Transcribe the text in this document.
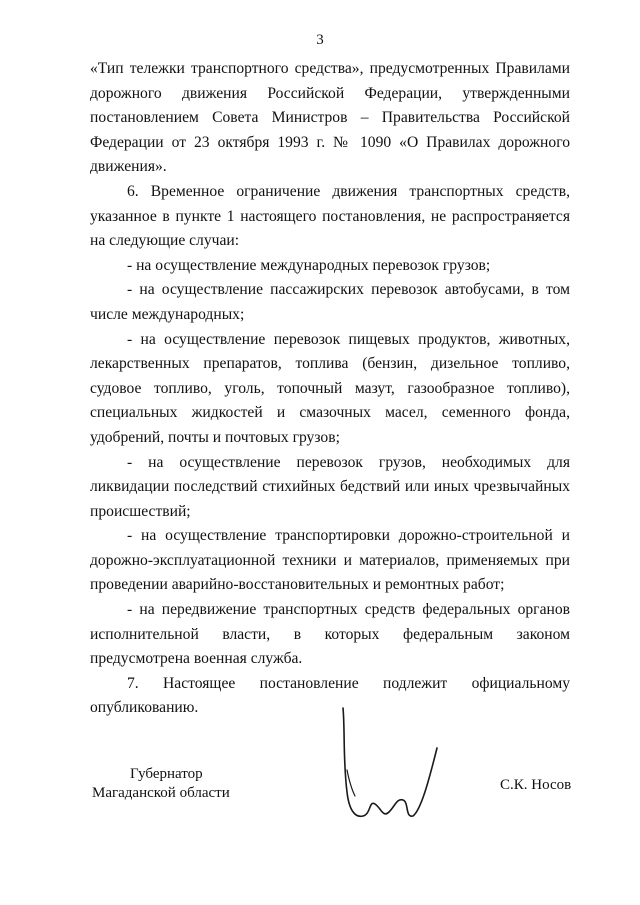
3

«Тип тележки транспортного средства», предусмотренных Правилами дорожного движения Российской Федерации, утвержденными постановлением Совета Министров – Правительства Российской Федерации от 23 октября 1993 г. № 1090 «О Правилах дорожного движения».

6. Временное ограничение движения транспортных средств, указанное в пункте 1 настоящего постановления, не распространяется на следующие случаи:

- на осуществление международных перевозок грузов;

- на осуществление пассажирских перевозок автобусами, в том числе международных;

- на осуществление перевозок пищевых продуктов, животных, лекарственных препаратов, топлива (бензин, дизельное топливо, судовое топливо, уголь, топочный мазут, газообразное топливо), специальных жидкостей и смазочных масел, семенного фонда, удобрений, почты и почтовых грузов;

- на осуществление перевозок грузов, необходимых для ликвидации последствий стихийных бедствий или иных чрезвычайных происшествий;

- на осуществление транспортировки дорожно-строительной и дорожно-эксплуатационной техники и материалов, применяемых при проведении аварийно-восстановительных и ремонтных работ;

- на передвижение транспортных средств федеральных органов исполнительной власти, в которых федеральным законом предусмотрена военная служба.

7. Настоящее постановление подлежит официальному опубликованию.

Губернатор
Магаданской области	С.К. Носов
